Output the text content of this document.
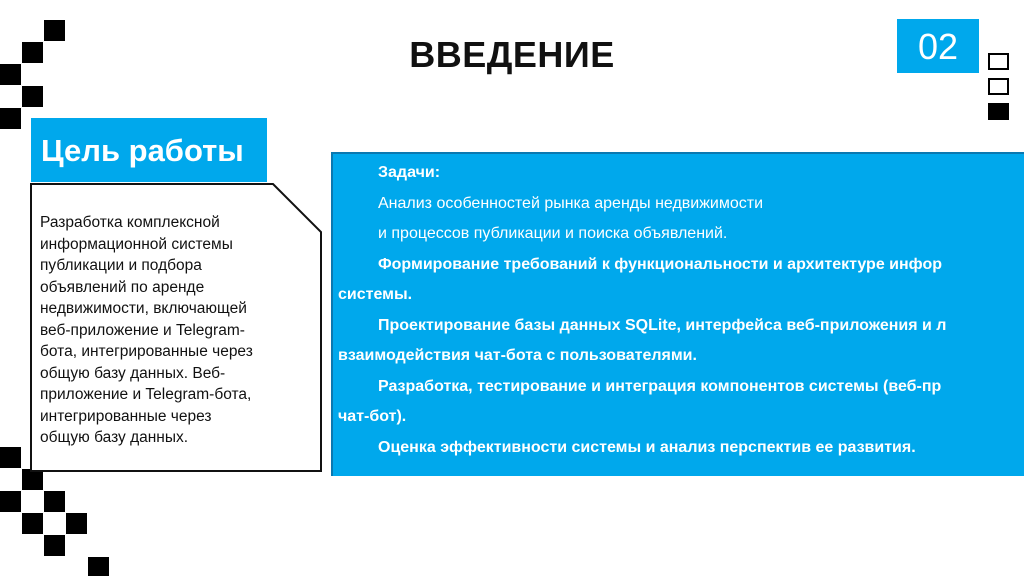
ВВЕДЕНИЕ	02
Цель работы
Разработка комплексной
информационной системы
публикации и подбора
объявлений по аренде
недвижимости, включающей
веб-приложение и Telegram-
бота, интегрированные через
общую базу данных. Веб-
приложение и Telegram-бота,
интегрированные через
общую базу данных.
Задачи:
Анализ особенностей рынка аренды недвижимости
и процессов публикации и поиска объявлений.
Формирование требований к функциональности и архитектуре инфор
системы.
Проектирование базы данных SQLite, интерфейса веб-приложения и л
взаимодействия чат-бота с пользователями.
Разработка, тестирование и интеграция компонентов системы (веб-пр
чат-бот).
Оценка эффективности системы и анализ перспектив ее развития.
